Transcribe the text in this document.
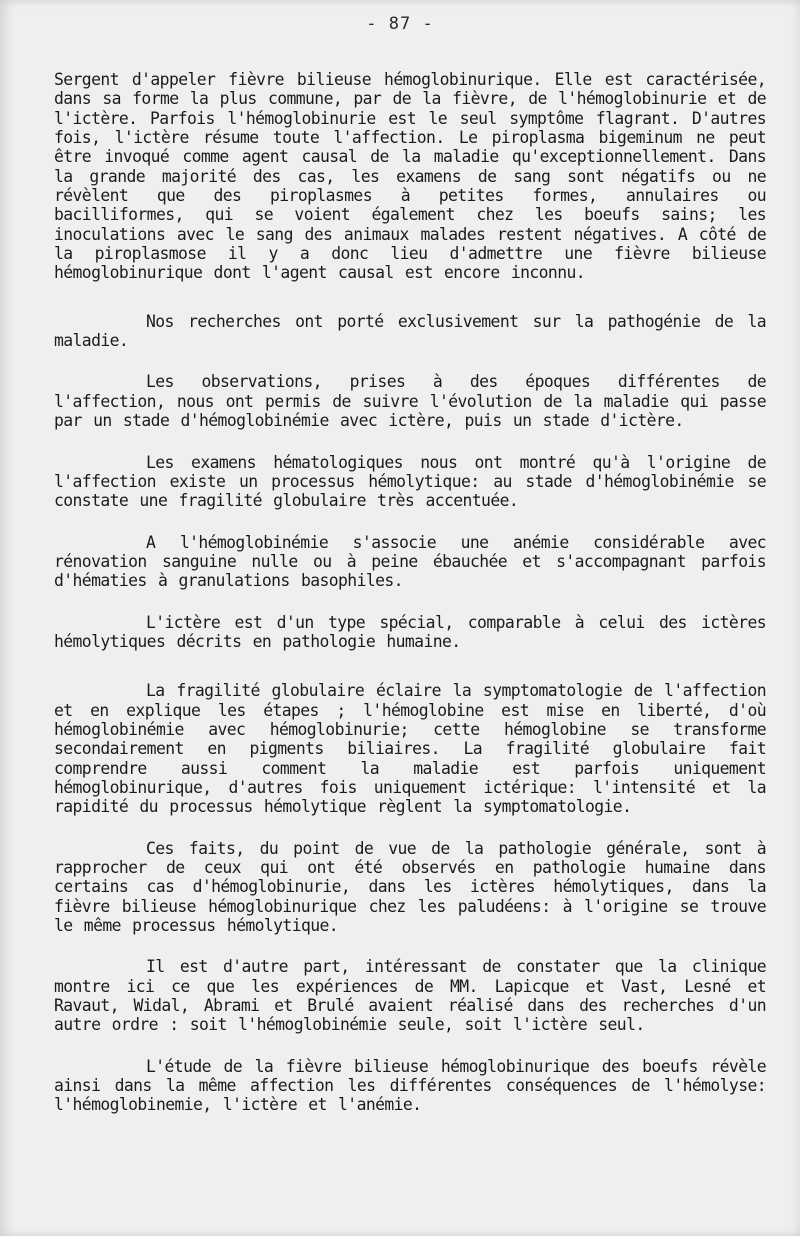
- 87 -

Sergent d'appeler fièvre bilieuse hémoglobinurique. Elle est caractérisée, dans sa forme la plus commune, par de la fièvre, de l'hémoglobinurie et de l'ictère. Parfois l'hémoglobinurie est le seul symptôme flagrant. D'autres fois, l'ictère résume toute l'affection. Le piroplasma bigeminum ne peut être invoqué comme agent causal de la maladie qu'exceptionnellement. Dans la grande majorité des cas, les examens de sang sont négatifs ou ne révèlent que des piroplasmes à petites formes, annulaires ou bacilliformes, qui se voient également chez les boeufs sains; les inoculations avec le sang des animaux malades restent négatives. A côté de la piroplasmose il y a donc lieu d'admettre une fièvre bilieuse hémoglobinurique dont l'agent causal est encore inconnu.

Nos recherches ont porté exclusivement sur la pathogénie de la maladie.

Les observations, prises à des époques différentes de l'affection, nous ont permis de suivre l'évolution de la maladie qui passe par un stade d'hémoglobinémie avec ictère, puis un stade d'ictère.

Les examens hématologiques nous ont montré qu'à l'origine de l'affection existe un processus hémolytique: au stade d'hémoglobinémie se constate une fragilité globulaire très accentuée.

A l'hémoglobinémie s'associe une anémie considérable avec rénovation sanguine nulle ou à peine ébauchée et s'accompagnant parfois d'hématies à granulations basophiles.

L'ictère est d'un type spécial, comparable à celui des ictères hémolytiques décrits en pathologie humaine.

La fragilité globulaire éclaire la symptomatologie de l'affection et en explique les étapes ; l'hémoglobine est mise en liberté, d'où hémoglobinémie avec hémoglobinurie; cette hémoglobine se transforme secondairement en pigments biliaires. La fragilité globulaire fait comprendre aussi comment la maladie est parfois uniquement hémoglobinurique, d'autres fois uniquement ictérique: l'intensité et la rapidité du processus hémolytique règlent la symptomatologie.

Ces faits, du point de vue de la pathologie générale, sont à rapprocher de ceux qui ont été observés en pathologie humaine dans certains cas d'hémoglobinurie, dans les ictères hémolytiques, dans la fièvre bilieuse hémoglobinurique chez les paludéens: à l'origine se trouve le même processus hémolytique.

Il est d'autre part, intéressant de constater que la clinique montre ici ce que les expériences de MM. Lapicque et Vast, Lesné et Ravaut, Widal, Abrami et Brulé avaient réalisé dans des recherches d'un autre ordre : soit l'hémoglobinémie seule, soit l'ictère seul.

L'étude de la fièvre bilieuse hémoglobinurique des boeufs révèle ainsi dans la même affection les différentes conséquences de l'hémolyse: l'hémoglobinemie, l'ictère et l'anémie.
